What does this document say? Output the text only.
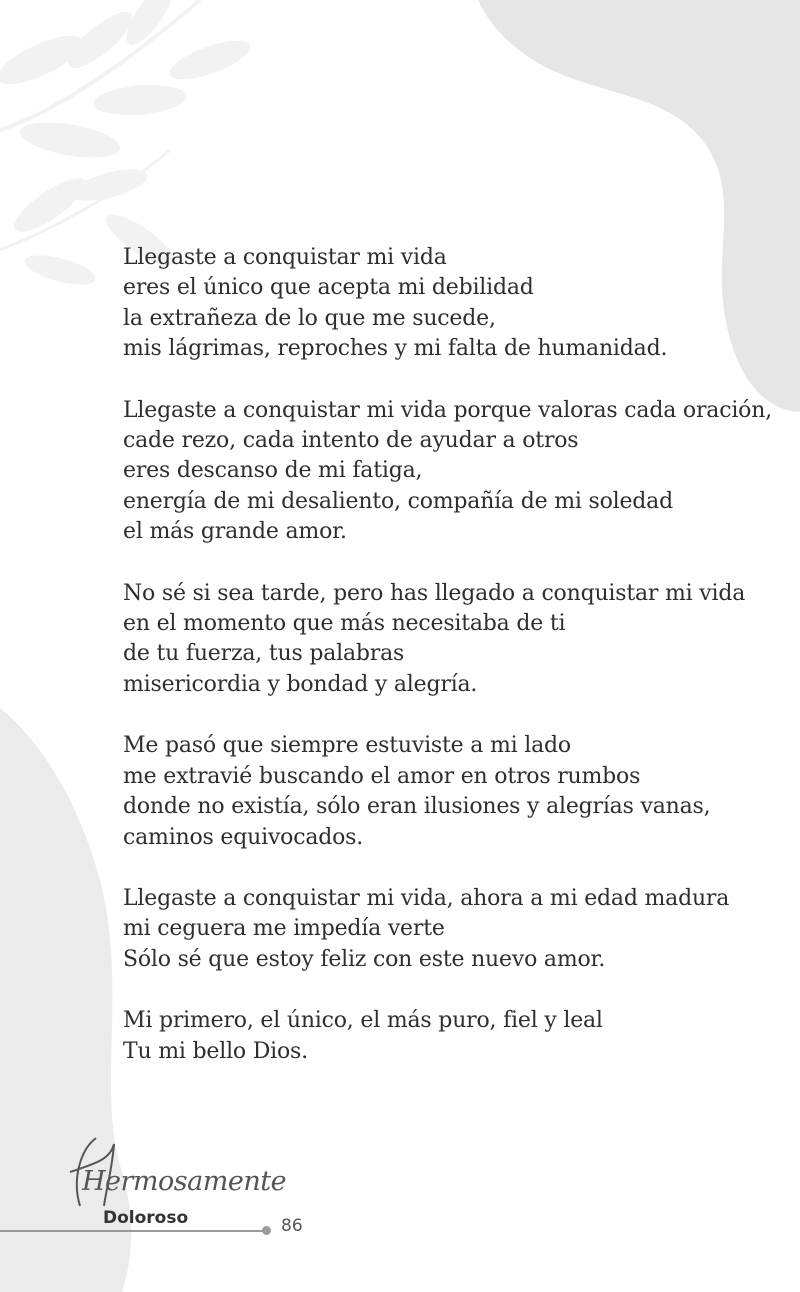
Llegaste a conquistar mi vida
eres el único que acepta mi debilidad
la extrañeza de lo que me sucede,
mis lágrimas, reproches y mi falta de humanidad.
Llegaste a conquistar mi vida porque valoras cada oración,
cade rezo, cada intento de ayudar a otros
eres descanso de mi fatiga,
energía de mi desaliento, compañía de mi soledad
el más grande amor.
No sé si sea tarde, pero has llegado a conquistar mi vida
en el momento que más necesitaba de ti
de tu fuerza, tus palabras
misericordia y bondad y alegría.
Me pasó que siempre estuviste a mi lado
me extravié buscando el amor en otros rumbos
donde no existía, sólo eran ilusiones y alegrías vanas,
caminos equivocados.
Llegaste a conquistar mi vida, ahora a mi edad madura
mi ceguera me impedía verte
Sólo sé que estoy feliz con este nuevo amor.
Mi primero, el único, el más puro, fiel y leal
Tu mi bello Dios.
Hermosamente
Doloroso	86
